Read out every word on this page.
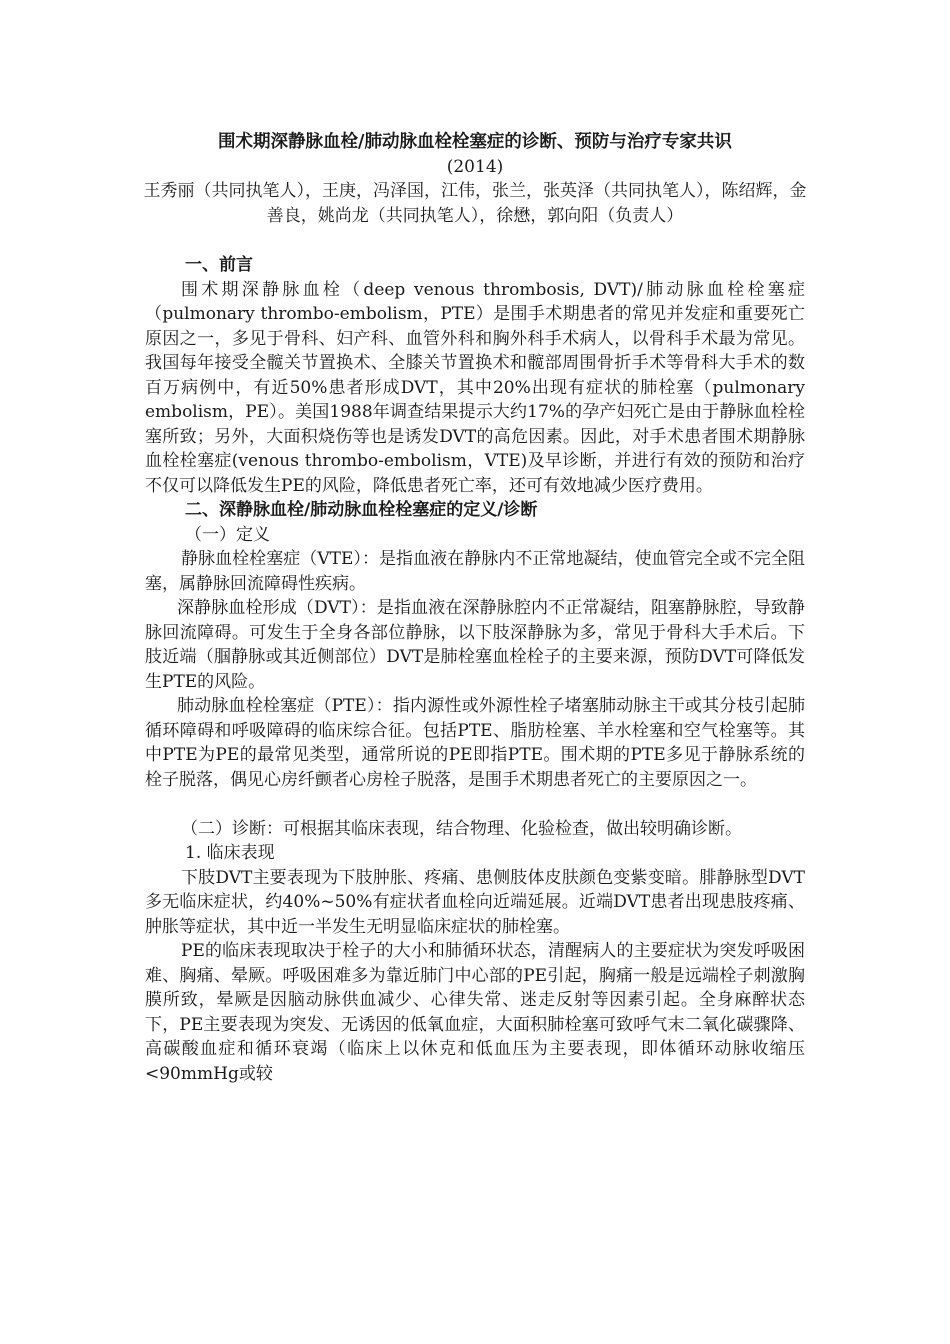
围术期深静脉血栓/肺动脉血栓栓塞症的诊断、预防与治疗专家共识
(2014)
王秀丽（共同执笔人），王庚，冯泽国，江伟，张兰，张英泽（共同执笔人），陈绍辉，金善良，姚尚龙（共同执笔人），徐懋，郭向阳（负责人）

一、前言

围术期深静脉血栓（deep venous thrombosis, DVT)/肺动脉血栓栓塞症（pulmonary thrombo-embolism，PTE）是围手术期患者的常见并发症和重要死亡原因之一，多见于骨科、妇产科、血管外科和胸外科手术病人，以骨科手术最为常见。我国每年接受全髋关节置换术、全膝关节置换术和髋部周围骨折手术等骨科大手术的数百万病例中，有近50%患者形成DVT，其中20%出现有症状的肺栓塞（pulmonary embolism，PE）。美国1988年调查结果提示大约17%的孕产妇死亡是由于静脉血栓栓塞所致；另外，大面积烧伤等也是诱发DVT的高危因素。因此，对手术患者围术期静脉血栓栓塞症(venous thrombo-embolism，VTE)及早诊断，并进行有效的预防和治疗不仅可以降低发生PE的风险，降低患者死亡率，还可有效地减少医疗费用。

二、深静脉血栓/肺动脉血栓栓塞症的定义/诊断

（一）定义

静脉血栓栓塞症（VTE）：是指血液在静脉内不正常地凝结，使血管完全或不完全阻塞，属静脉回流障碍性疾病。

深静脉血栓形成（DVT）：是指血液在深静脉腔内不正常凝结，阻塞静脉腔，导致静脉回流障碍。可发生于全身各部位静脉，以下肢深静脉为多，常见于骨科大手术后。下肢近端（腘静脉或其近侧部位）DVT是肺栓塞血栓栓子的主要来源，预防DVT可降低发生PTE的风险。

肺动脉血栓栓塞症（PTE）：指内源性或外源性栓子堵塞肺动脉主干或其分枝引起肺循环障碍和呼吸障碍的临床综合征。包括PTE、脂肪栓塞、羊水栓塞和空气栓塞等。其中PTE为PE的最常见类型，通常所说的PE即指PTE。围术期的PTE多见于静脉系统的栓子脱落，偶见心房纤颤者心房栓子脱落，是围手术期患者死亡的主要原因之一。

（二）诊断：可根据其临床表现，结合物理、化验检查，做出较明确诊断。

1. 临床表现

下肢DVT主要表现为下肢肿胀、疼痛、患侧肢体皮肤颜色变紫变暗。腓静脉型DVT多无临床症状，约40%~50%有症状者血栓向近端延展。近端DVT患者出现患肢疼痛、肿胀等症状，其中近一半发生无明显临床症状的肺栓塞。

PE的临床表现取决于栓子的大小和肺循环状态，清醒病人的主要症状为突发呼吸困难、胸痛、晕厥。呼吸困难多为靠近肺门中心部的PE引起，胸痛一般是远端栓子刺激胸膜所致，晕厥是因脑动脉供血减少、心律失常、迷走反射等因素引起。全身麻醉状态下，PE主要表现为突发、无诱因的低氧血症，大面积肺栓塞可致呼气末二氧化碳骤降、高碳酸血症和循环衰竭（临床上以休克和低血压为主要表现，即体循环动脉收缩压<90mmHg或较
